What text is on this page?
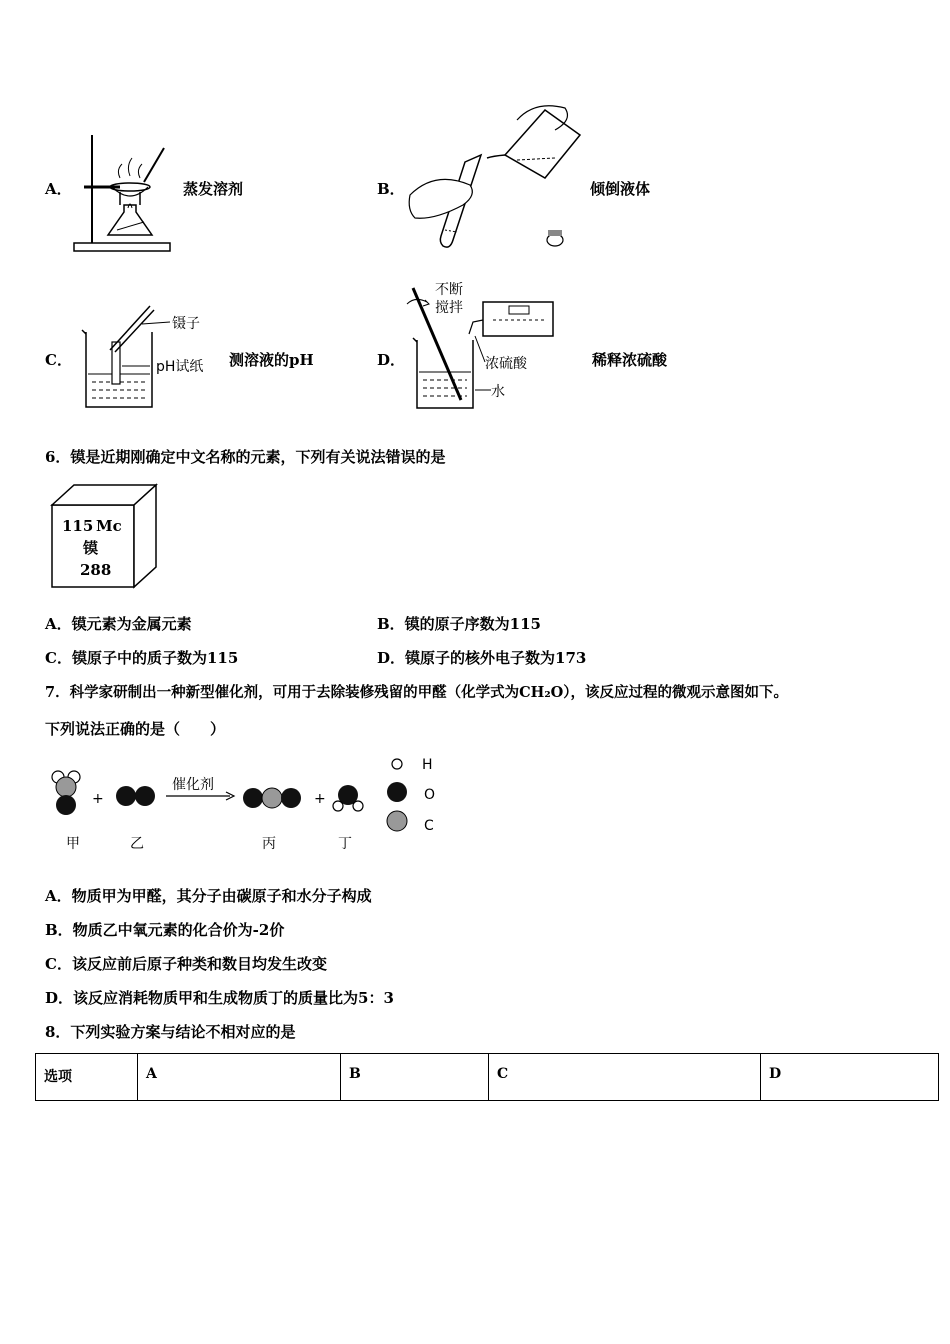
A．	蒸发溶剂	B．	倾倒液体
C．	测溶液的pH
镊子
pH试纸	D．	稀释浓硫酸
不断
搅拌
浓硫酸
水
6．镆是近期刚确定中文名称的元素，下列有关说法错误的是
115 Mc
镆
288
A．镆元素为金属元素	B．镆的原子序数为115
C．镆原子中的质子数为115	D．镆原子的核外电子数为173
7．科学家研制出一种新型催化剂，可用于去除装修残留的甲醛（化学式为CH₂O），该反应过程的微观示意图如下。
下列说法正确的是（　　）
+
催化剂
+
甲	乙	丙	丁
H
O
C
A．物质甲为甲醛，其分子由碳原子和水分子构成
B．物质乙中氧元素的化合价为-2价
C．该反应前后原子种类和数目均发生改变
D．该反应消耗物质甲和生成物质丁的质量比为5：3
8．下列实验方案与结论不相对应的是
选项	A	B	C	D
